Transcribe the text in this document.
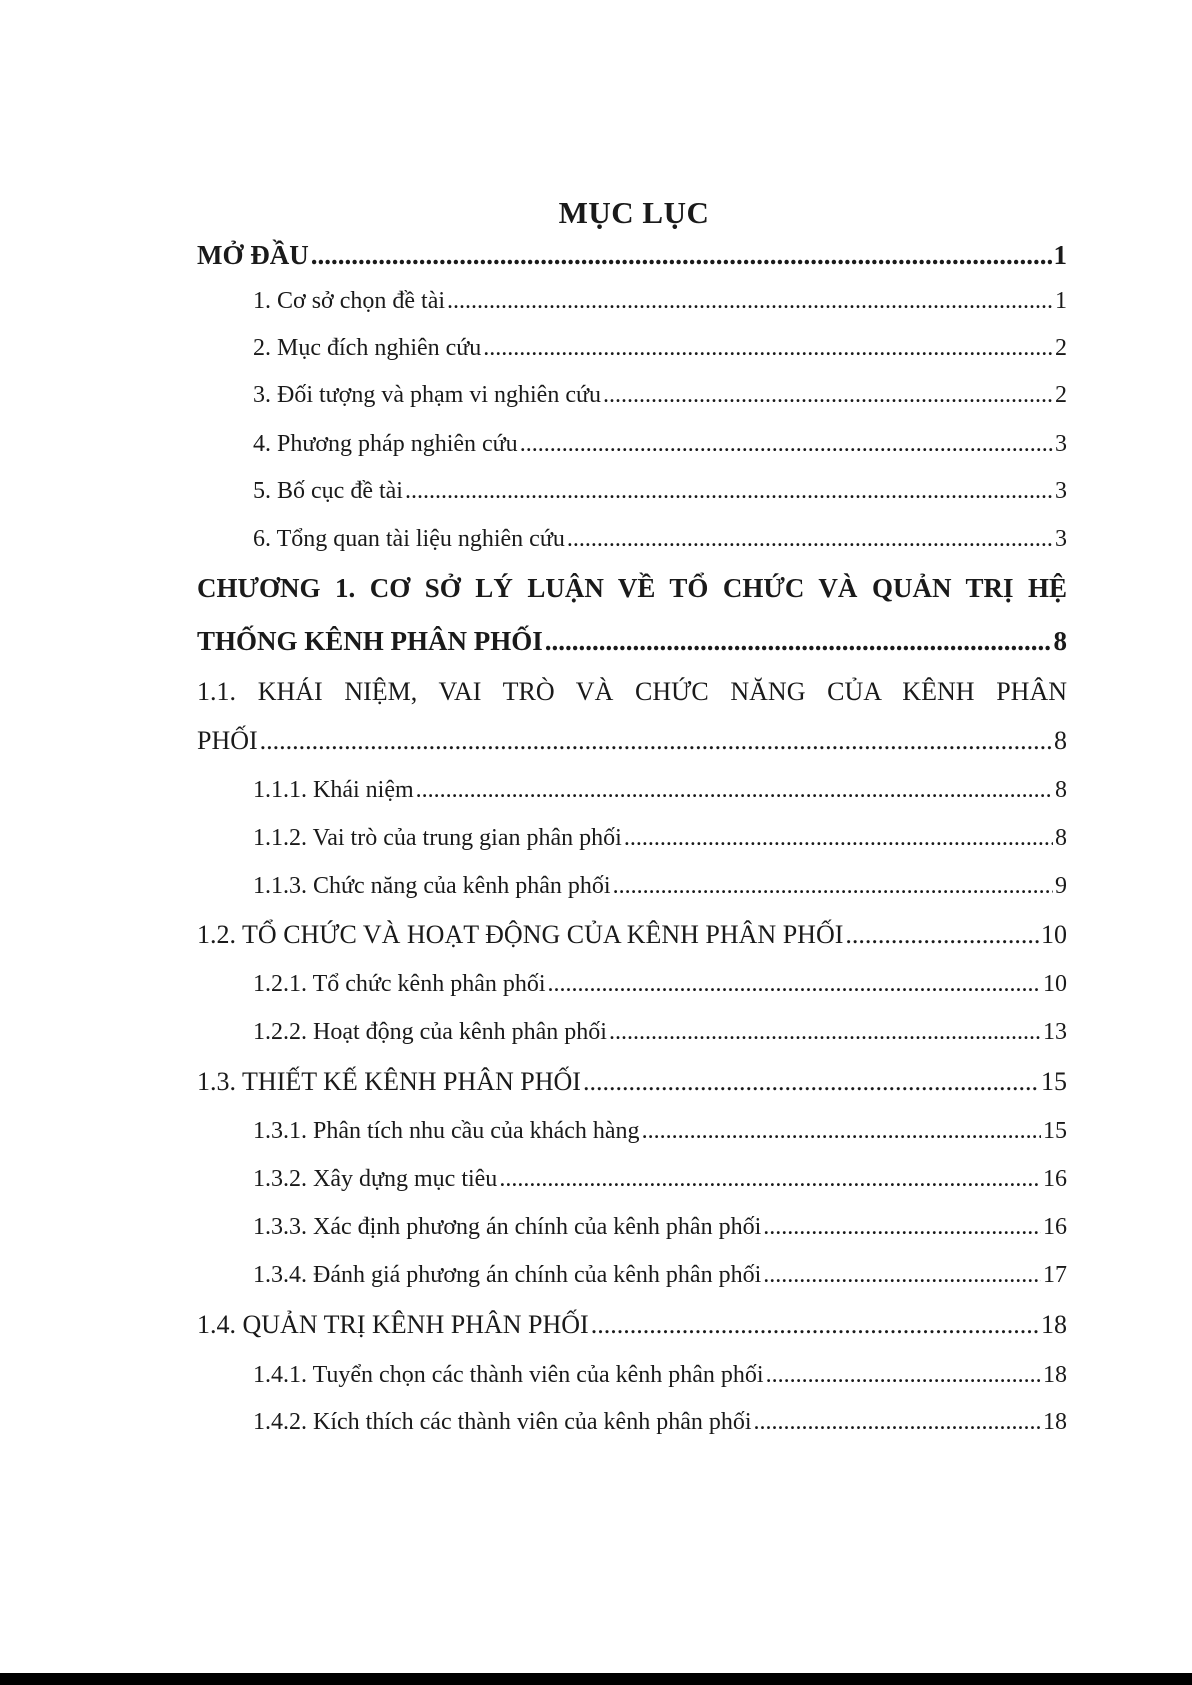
MỤC LỤC
MỞ ĐẦU .....	1
1. Cơ sở chọn đề tài .....	1
2. Mục đích nghiên cứu .....	2
3. Đối tượng và phạm vi nghiên cứu .....	2
4. Phương pháp nghiên cứu .....	3
5. Bố cục đề tài .....	3
6. Tổng quan tài liệu nghiên cứu .....	3
CHƯƠNG 1. CƠ SỞ LÝ LUẬN VỀ TỔ CHỨC VÀ QUẢN TRỊ HỆ
THỐNG KÊNH PHÂN PHỐI .....	8
1.1. KHÁI NIỆM, VAI TRÒ VÀ CHỨC NĂNG CỦA KÊNH PHÂN
PHỐI .....	8
1.1.1. Khái niệm .....	8
1.1.2. Vai trò của trung gian phân phối .....	8
1.1.3. Chức năng của kênh phân phối .....	9
1.2. TỔ CHỨC VÀ HOẠT ĐỘNG CỦA KÊNH PHÂN PHỐI .....	10
1.2.1. Tổ chức kênh phân phối .....	10
1.2.2. Hoạt động của kênh phân phối .....	13
1.3. THIẾT KẾ KÊNH PHÂN PHỐI .....	15
1.3.1. Phân tích nhu cầu của khách hàng .....	15
1.3.2. Xây dựng mục tiêu .....	16
1.3.3. Xác định phương án chính của kênh phân phối .....	16
1.3.4. Đánh giá phương án chính của kênh phân phối .....	17
1.4. QUẢN TRỊ KÊNH PHÂN PHỐI .....	18
1.4.1. Tuyển chọn các thành viên của kênh phân phối .....	18
1.4.2. Kích thích các thành viên của kênh phân phối .....	18
